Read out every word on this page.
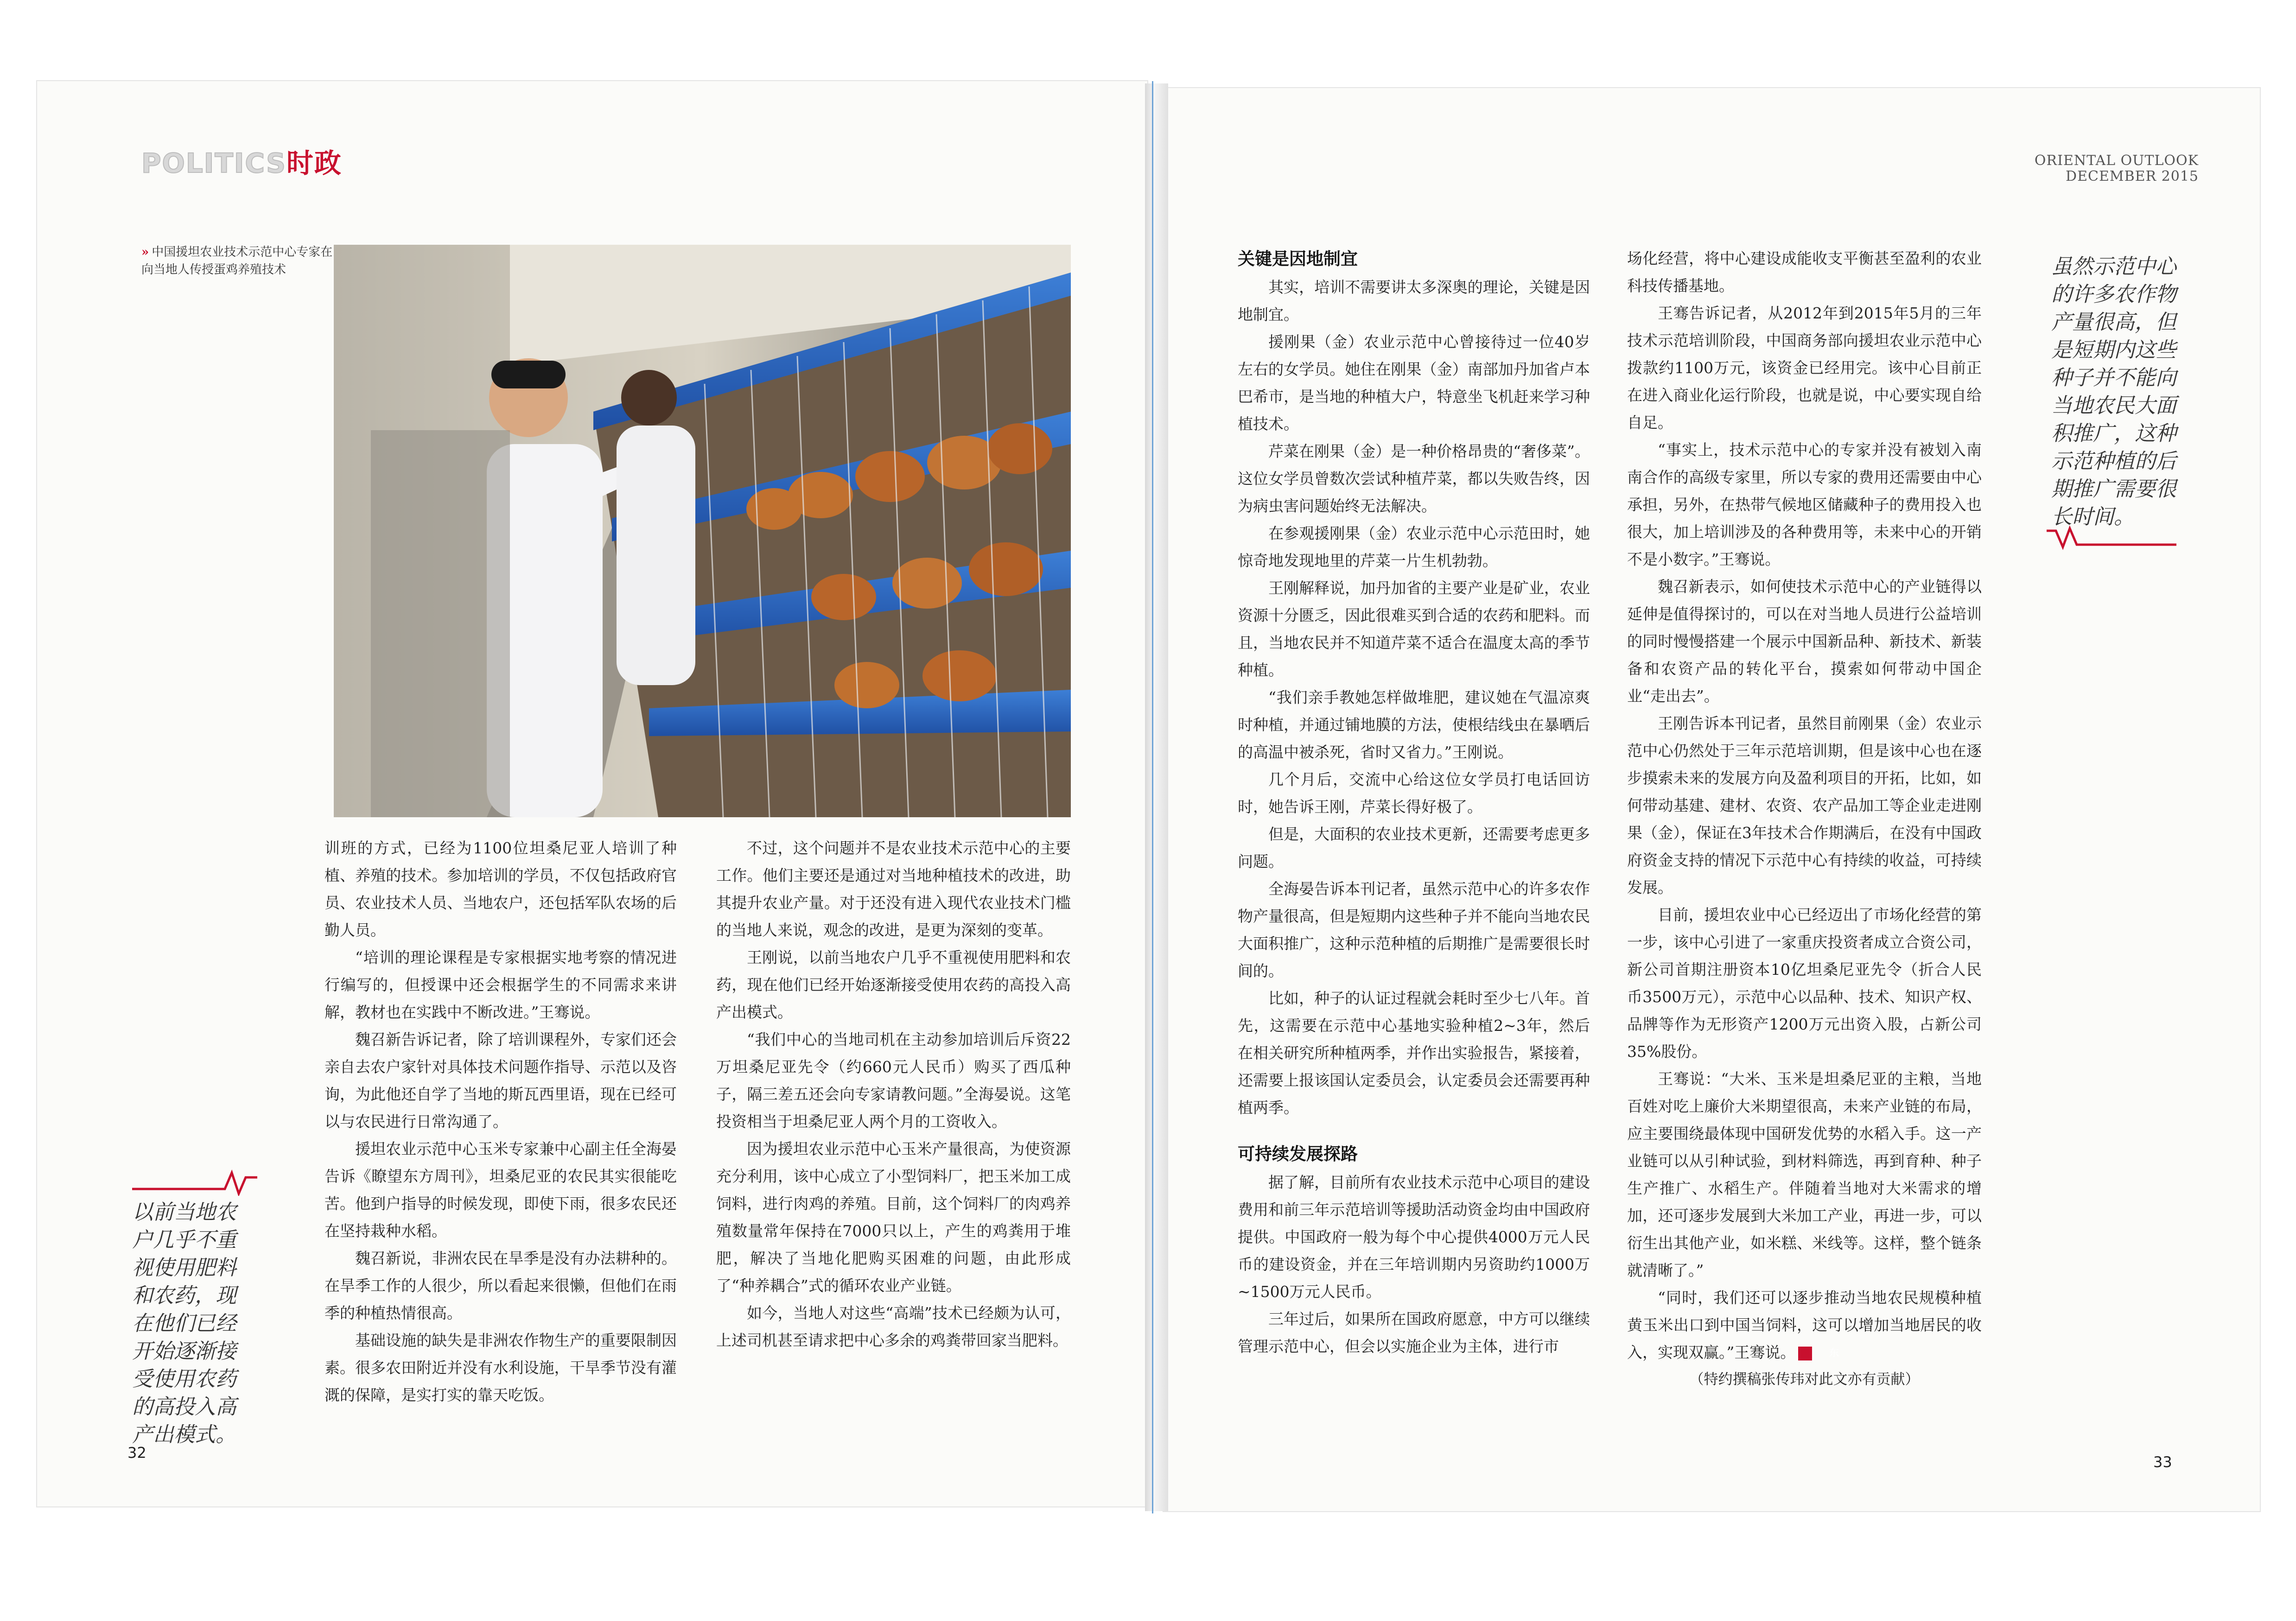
POLITICS时政	ORIENTAL OUTLOOK
DECEMBER 2015
» 中国援坦农业技术示范中心专家在向当地人传授蛋鸡养殖技术

训班的方式，已经为1100位坦桑尼亚人培训了种植、养殖的技术。参加培训的学员，不仅包括政府官员、农业技术人员、当地农户，还包括军队农场的后勤人员。

“培训的理论课程是专家根据实地考察的情况进行编写的，但授课中还会根据学生的不同需求来讲解，教材也在实践中不断改进。”王骞说。

魏召新告诉记者，除了培训课程外，专家们还会亲自去农户家针对具体技术问题作指导、示范以及咨询，为此他还自学了当地的斯瓦西里语，现在已经可以与农民进行日常沟通了。

援坦农业示范中心玉米专家兼中心副主任全海晏告诉《瞭望东方周刊》，坦桑尼亚的农民其实很能吃苦。他到户指导的时候发现，即使下雨，很多农民还在坚持栽种水稻。

魏召新说，非洲农民在旱季是没有办法耕种的。在旱季工作的人很少，所以看起来很懒，但他们在雨季的种植热情很高。

基础设施的缺失是非洲农作物生产的重要限制因素。很多农田附近并没有水利设施，干旱季节没有灌溉的保障，是实打实的靠天吃饭。

不过，这个问题并不是农业技术示范中心的主要工作。他们主要还是通过对当地种植技术的改进，助其提升农业产量。对于还没有进入现代农业技术门槛的当地人来说，观念的改进，是更为深刻的变革。

王刚说，以前当地农户几乎不重视使用肥料和农药，现在他们已经开始逐渐接受使用农药的高投入高产出模式。

“我们中心的当地司机在主动参加培训后斥资22万坦桑尼亚先令（约660元人民币）购买了西瓜种子，隔三差五还会向专家请教问题。”全海晏说。这笔投资相当于坦桑尼亚人两个月的工资收入。

因为援坦农业示范中心玉米产量很高，为使资源充分利用，该中心成立了小型饲料厂，把玉米加工成饲料，进行肉鸡的养殖。目前，这个饲料厂的肉鸡养殖数量常年保持在7000只以上，产生的鸡粪用于堆肥，解决了当地化肥购买困难的问题，由此形成了“种养耦合”式的循环农业产业链。

如今，当地人对这些“高端”技术已经颇为认可，上述司机甚至请求把中心多余的鸡粪带回家当肥料。

以前当地农户几乎不重视使用肥料和农药，现在他们已经开始逐渐接受使用农药的高投入高产出模式。
32
关键是因地制宜

其实，培训不需要讲太多深奥的理论，关键是因地制宜。

援刚果（金）农业示范中心曾接待过一位40岁左右的女学员。她住在刚果（金）南部加丹加省卢本巴希市，是当地的种植大户，特意坐飞机赶来学习种植技术。

芹菜在刚果（金）是一种价格昂贵的“奢侈菜”。这位女学员曾数次尝试种植芹菜，都以失败告终，因为病虫害问题始终无法解决。

在参观援刚果（金）农业示范中心示范田时，她惊奇地发现地里的芹菜一片生机勃勃。

王刚解释说，加丹加省的主要产业是矿业，农业资源十分匮乏，因此很难买到合适的农药和肥料。而且，当地农民并不知道芹菜不适合在温度太高的季节种植。

“我们亲手教她怎样做堆肥，建议她在气温凉爽时种植，并通过铺地膜的方法，使根结线虫在暴晒后的高温中被杀死，省时又省力。”王刚说。

几个月后，交流中心给这位女学员打电话回访时，她告诉王刚，芹菜长得好极了。

但是，大面积的农业技术更新，还需要考虑更多问题。

全海晏告诉本刊记者，虽然示范中心的许多农作物产量很高，但是短期内这些种子并不能向当地农民大面积推广，这种示范种植的后期推广是需要很长时间的。

比如，种子的认证过程就会耗时至少七八年。首先，这需要在示范中心基地实验种植2~3年，然后在相关研究所种植两季，并作出实验报告，紧接着，还需要上报该国认定委员会，认定委员会还需要再种植两季。

可持续发展探路

据了解，目前所有农业技术示范中心项目的建设费用和前三年示范培训等援助活动资金均由中国政府提供。中国政府一般为每个中心提供4000万元人民币的建设资金，并在三年培训期内另资助约1000万~1500万元人民币。

三年过后，如果所在国政府愿意，中方可以继续管理示范中心，但会以实施企业为主体，进行市

场化经营，将中心建设成能收支平衡甚至盈利的农业科技传播基地。

王骞告诉记者，从2012年到2015年5月的三年技术示范培训阶段，中国商务部向援坦农业示范中心拨款约1100万元，该资金已经用完。该中心目前正在进入商业化运行阶段，也就是说，中心要实现自给自足。

“事实上，技术示范中心的专家并没有被划入南南合作的高级专家里，所以专家的费用还需要由中心承担，另外，在热带气候地区储藏种子的费用投入也很大，加上培训涉及的各种费用等，未来中心的开销不是小数字。”王骞说。

魏召新表示，如何使技术示范中心的产业链得以延伸是值得探讨的，可以在对当地人员进行公益培训的同时慢慢搭建一个展示中国新品种、新技术、新装备和农资产品的转化平台，摸索如何带动中国企业“走出去”。

王刚告诉本刊记者，虽然目前刚果（金）农业示范中心仍然处于三年示范培训期，但是该中心也在逐步摸索未来的发展方向及盈利项目的开拓，比如，如何带动基建、建材、农资、农产品加工等企业走进刚果（金），保证在3年技术合作期满后，在没有中国政府资金支持的情况下示范中心有持续的收益，可持续发展。

目前，援坦农业中心已经迈出了市场化经营的第一步，该中心引进了一家重庆投资者成立合资公司，新公司首期注册资本10亿坦桑尼亚先令（折合人民币3500万元），示范中心以品种、技术、知识产权、品牌等作为无形资产1200万元出资入股，占新公司35%股份。

王骞说：“大米、玉米是坦桑尼亚的主粮，当地百姓对吃上廉价大米期望很高，未来产业链的布局，应主要围绕最体现中国研发优势的水稻入手。这一产业链可以从引种试验，到材料筛选，再到育种、种子生产推广、水稻生产。伴随着当地对大米需求的增加，还可逐步发展到大米加工产业，再进一步，可以衍生出其他产业，如米糕、米线等。这样，整个链条就清晰了。”

“同时，我们还可以逐步推动当地农民规模种植黄玉米出口到中国当饲料，这可以增加当地居民的收入，实现双赢。”王骞说。	东

（特约撰稿张传玮对此文亦有贡献）

虽然示范中心的许多农作物产量很高，但是短期内这些种子并不能向当地农民大面积推广，这种示范种植的后期推广需要很长时间。
33
